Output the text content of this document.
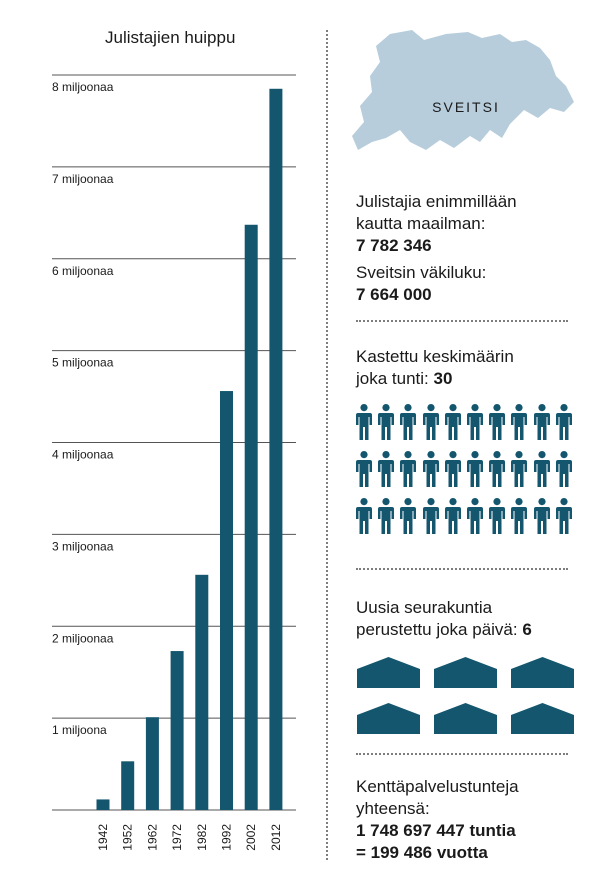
Julistajien huippu
1 miljoona
2 miljoonaa
3 miljoonaa
4 miljoonaa
5 miljoonaa
6 miljoonaa
7 miljoonaa
8 miljoonaa
1942 1952 1962 1972 1982 1992 2002 2012
SVEITSI
Julistajia enimmillään
kautta maailman:
7 782 346
Sveitsin väkiluku:
7 664 000
Kastettu keskimäärin
joka tunti: 30
Uusia seurakuntia
perustettu joka päivä: 6
Kenttäpalvelustunteja
yhteensä:
1 748 697 447 tuntia
= 199 486 vuotta
